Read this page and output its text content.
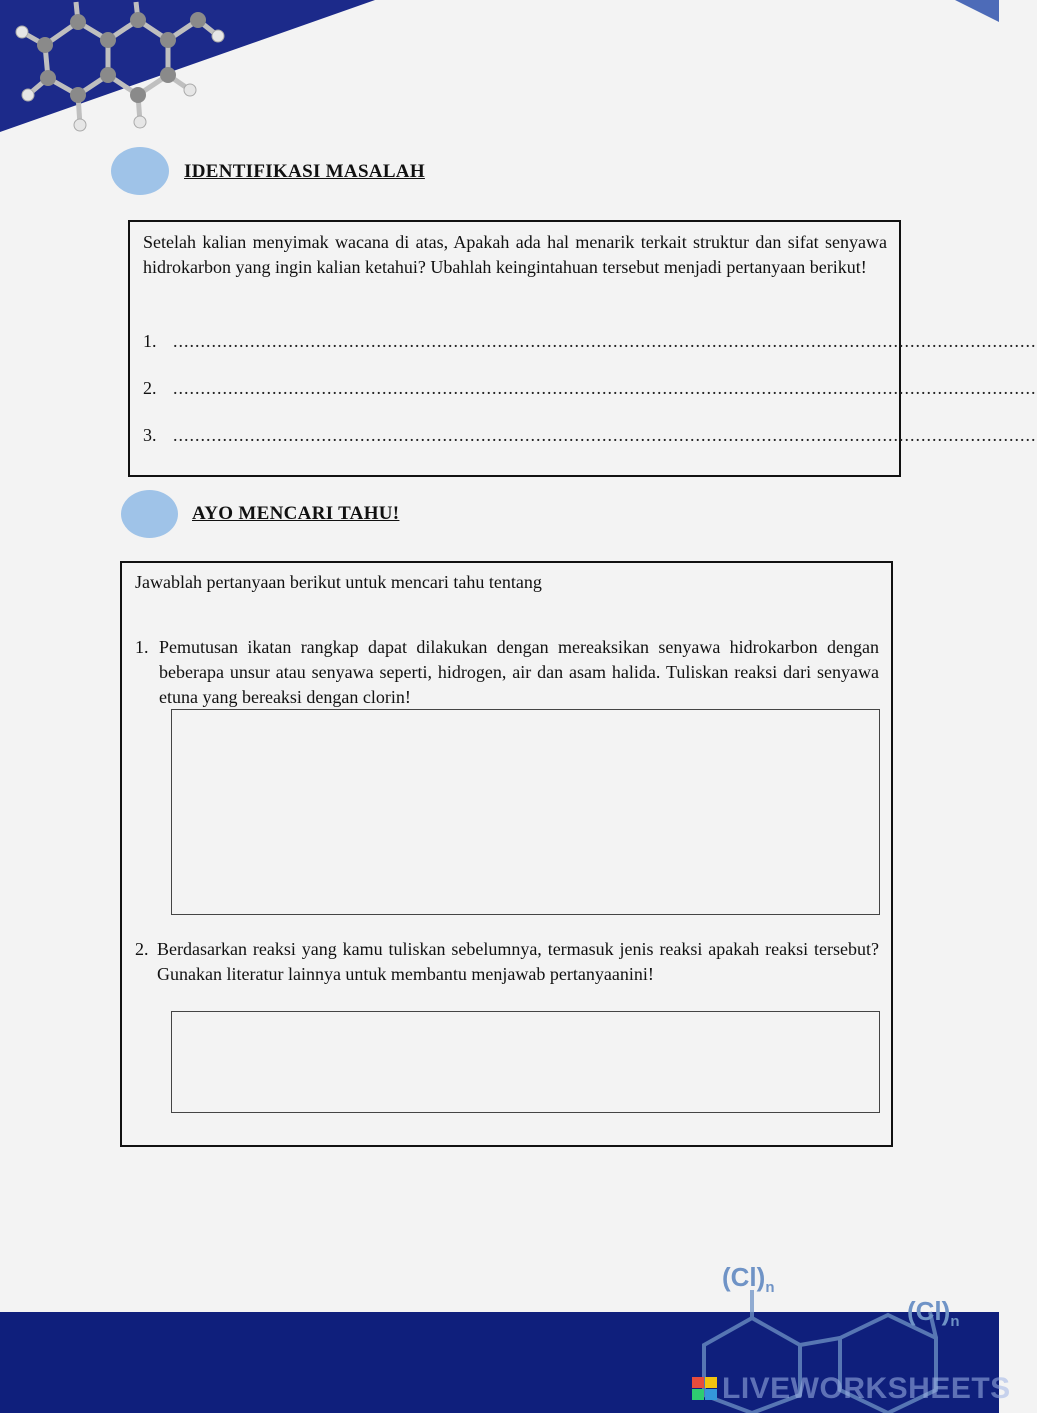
IDENTIFIKASI MASALAH
Setelah kalian menyimak wacana di atas, Apakah ada hal menarik terkait struktur dan sifat senyawa hidrokarbon yang ingin kalian ketahui? Ubahlah keingintahuan tersebut menjadi pertanyaan berikut!
1. .............................................................................................................................................................
2. .............................................................................................................................................................
3. .............................................................................................................................................................
AYO MENCARI TAHU!
Jawablah pertanyaan berikut untuk mencari tahu tentang
1. Pemutusan ikatan rangkap dapat dilakukan dengan mereaksikan senyawa hidrokarbon dengan beberapa unsur atau senyawa seperti, hidrogen, air dan asam halida. Tuliskan reaksi dari senyawa etuna yang bereaksi dengan clorin!
2. Berdasarkan reaksi yang kamu tuliskan sebelumnya, termasuk jenis reaksi apakah reaksi tersebut? Gunakan literatur lainnya untuk membantu menjawab pertanyaanini!
$(Cl)_n$
$(Cl)_n$
LIVEWORKSHEETS
